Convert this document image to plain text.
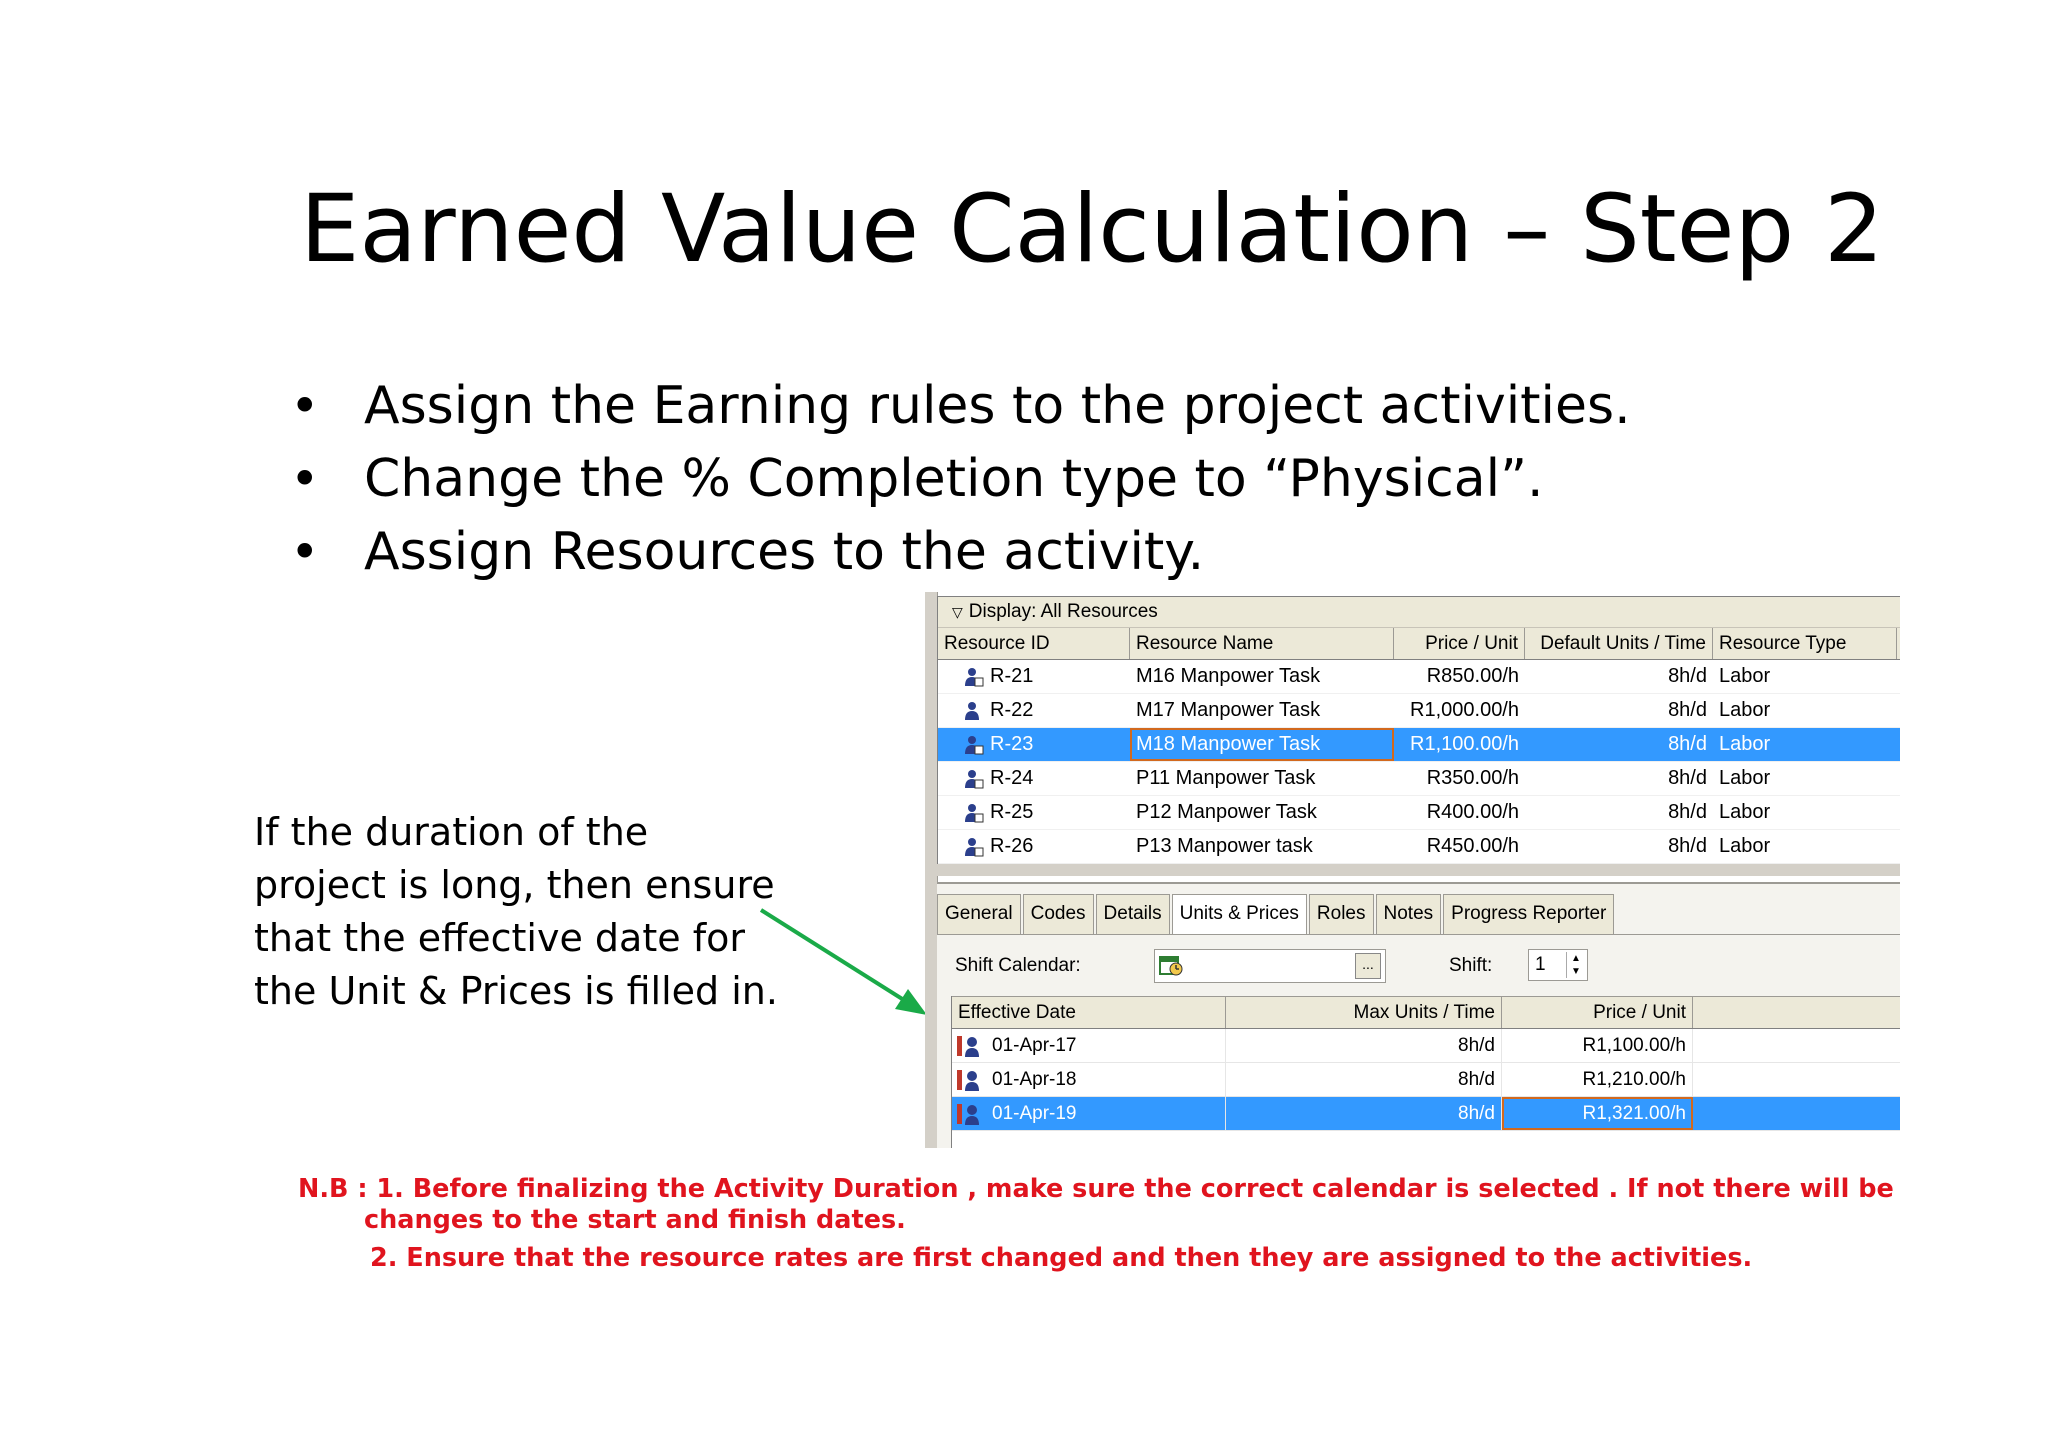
Earned Value Calculation – Step 2
• Assign the Earning rules to the project activities.
• Change the % Completion type to “Physical”.
• Assign Resources to the activity.
If the duration of the
project is long, then ensure
that the effective date for
the Unit & Prices is filled in.
▽ Display: All Resources
Resource ID	Resource Name	Price / Unit	Default Units / Time Resource Type
R-21	M16 Manpower Task	R850.00/h	8h/d Labor
R-22	M17 Manpower Task	R1,000.00/h	8h/d Labor
R-23	M18 Manpower Task	R1,100.00/h	8h/d Labor
R-24	P11 Manpower Task	R350.00/h	8h/d Labor
R-25	P12 Manpower Task	R400.00/h	8h/d Labor
R-26	P13 Manpower task	R450.00/h	8h/d Labor
General Codes Details Units & Prices Roles Notes Progress Reporter
Shift Calendar:	...	Shift:	1	▲
▼
Effective Date	Max Units / Time	Price / Unit
01-Apr-17	8h/d	R1,100.00/h
01-Apr-18	8h/d	R1,210.00/h
01-Apr-19	8h/d	R1,321.00/h
N.B : 1. Before finalizing the Activity Duration , make sure the correct calendar is selected . If not there will be
changes to the start and finish dates.
2. Ensure that the resource rates are first changed and then they are assigned to the activities.
